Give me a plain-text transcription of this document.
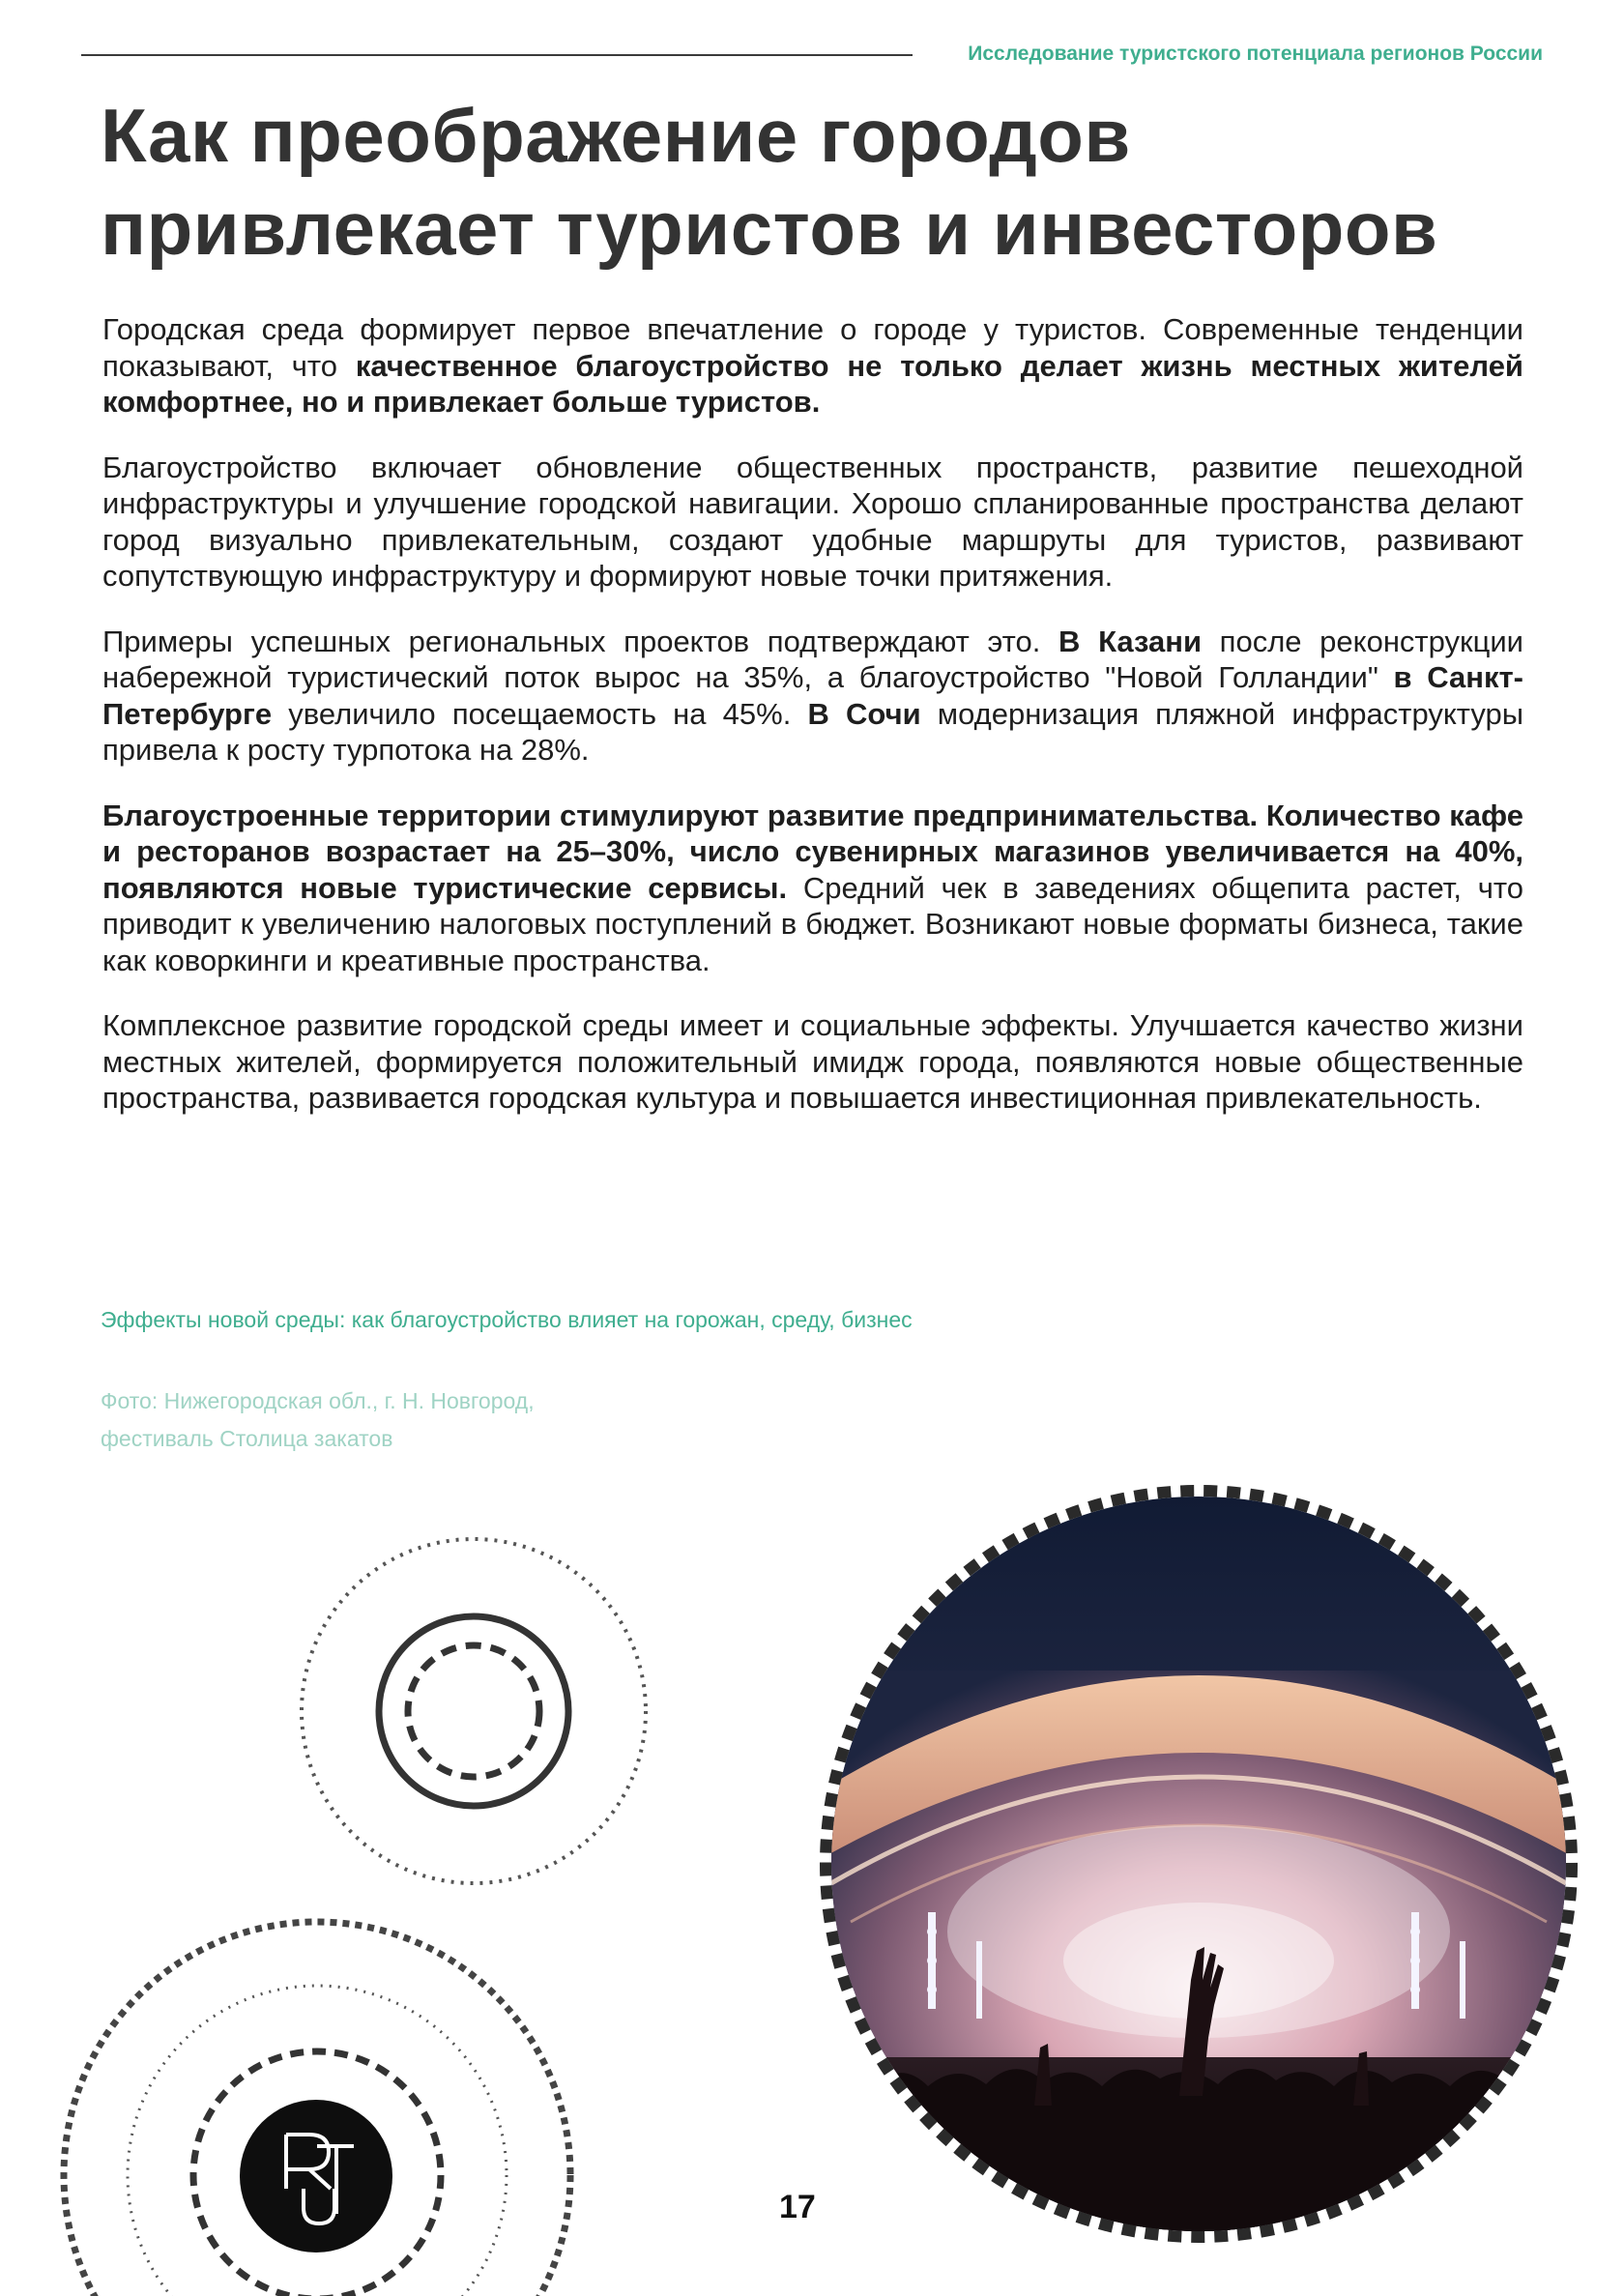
Исследование туристского потенциала регионов России
Как преображение городов
привлекает туристов и инвесторов

Городская среда формирует первое впечатление о городе у туристов. Современные тенденции показывают, что качественное благоустройство не только делает жизнь местных жителей комфортнее, но и привлекает больше туристов.

Благоустройство включает обновление общественных пространств, развитие пешеходной инфраструктуры и улучшение городской навигации. Хорошо спланированные пространства делают город визуально привлекательным, создают удобные маршруты для туристов, развивают сопутствующую инфраструктуру и формируют новые точки притяжения.

Примеры успешных региональных проектов подтверждают это. В Казани после реконструкции набережной туристический поток вырос на 35%, а благоустройство "Новой Голландии" в Санкт-Петербурге увеличило посещаемость на 45%. В Сочи модернизация пляжной инфраструктуры привела к росту турпотока на 28%.

Благоустроенные территории стимулируют развитие предпринимательства. Количество кафе и ресторанов возрастает на 25–30%, число сувенирных магазинов увеличивается на 40%, появляются новые туристические сервисы. Средний чек в заведениях общепита растет, что приводит к увеличению налоговых поступлений в бюджет. Возникают новые форматы бизнеса, такие как коворкинги и креативные пространства.

Комплексное развитие городской среды имеет и социальные эффекты. Улучшается качество жизни местных жителей, формируется положительный имидж города, появляются новые общественные пространства, развивается городская культура и повышается инвестиционная привлекательность.

Эффекты новой среды: как благоустройство влияет на горожан, среду, бизнес
Фото: Нижегородская обл., г. Н. Новгород,
фестиваль Столица закатов
17
